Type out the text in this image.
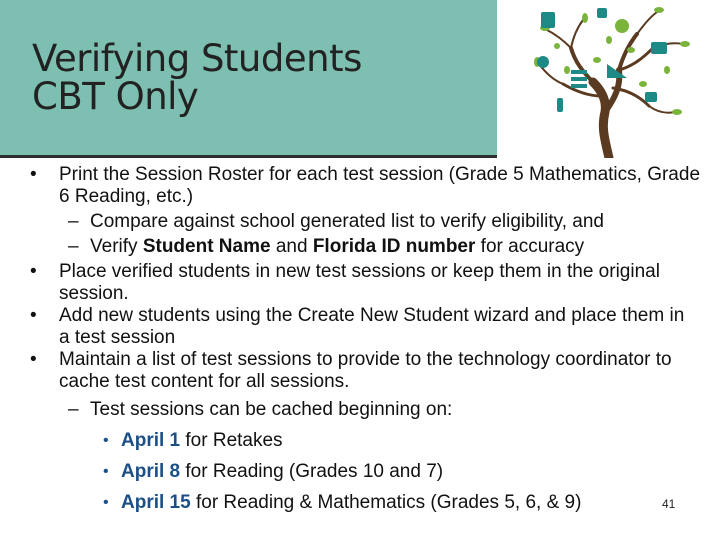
Verifying Students
CBT Only
• Print the Session Roster for each test session (Grade 5 Mathematics, Grade 6 Reading, etc.)
– Compare against school generated list to verify eligibility, and
– Verify Student Name and Florida ID number for accuracy
• Place verified students in new test sessions or keep them in the original session.
• Add new students using the Create New Student wizard and place them in a test session
• Maintain a list of test sessions to provide to the technology coordinator to cache test content for all sessions.
– Test sessions can be cached beginning on:
• April 1 for Retakes
• April 8 for Reading (Grades 10 and 7)
• April 15 for Reading & Mathematics (Grades 5, 6, & 9)	41
